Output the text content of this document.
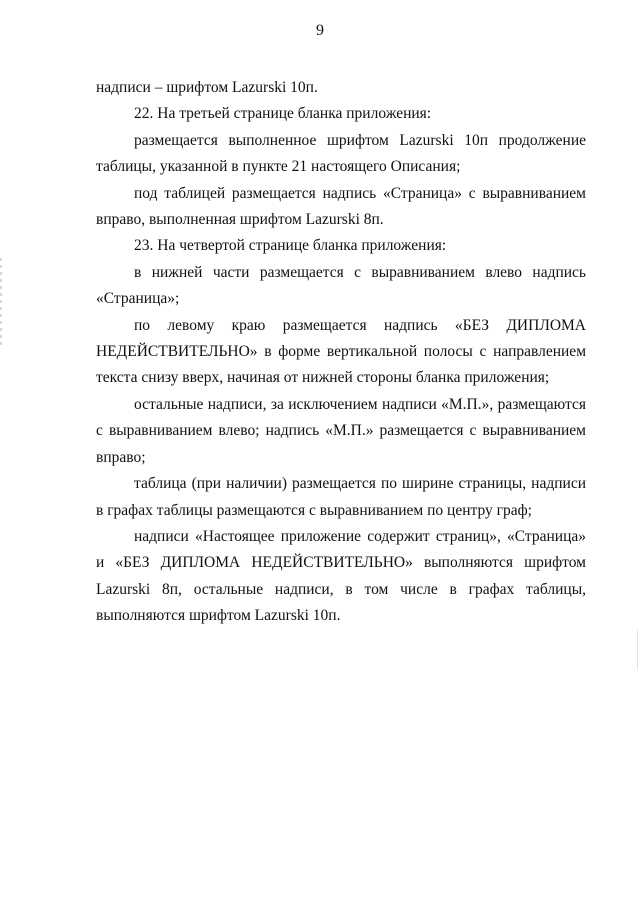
9

надписи – шрифтом Lazurski 10п.

22. На третьей странице бланка приложения:

размещается выполненное шрифтом Lazurski 10п продолжение таблицы, указанной в пункте 21 настоящего Описания;

под таблицей размещается надпись «Страница» с выравниванием вправо, выполненная шрифтом Lazurski 8п.

23. На четвертой странице бланка приложения:

в нижней части размещается с выравниванием влево надпись «Страница»;

по левому краю размещается надпись «БЕЗ ДИПЛОМА НЕДЕЙСТВИТЕЛЬНО» в форме вертикальной полосы с направлением текста снизу вверх, начиная от нижней стороны бланка приложения;

остальные надписи, за исключением надписи «М.П.», размещаются с выравниванием влево; надпись «М.П.» размещается с выравниванием вправо;

таблица (при наличии) размещается по ширине страницы, надписи в графах таблицы размещаются с выравниванием по центру граф;

надписи «Настоящее приложение содержит страниц», «Страница» и «БЕЗ ДИПЛОМА НЕДЕЙСТВИТЕЛЬНО» выполняются шрифтом Lazurski 8п, остальные надписи, в том числе в графах таблицы, выполняются шрифтом Lazurski 10п.
